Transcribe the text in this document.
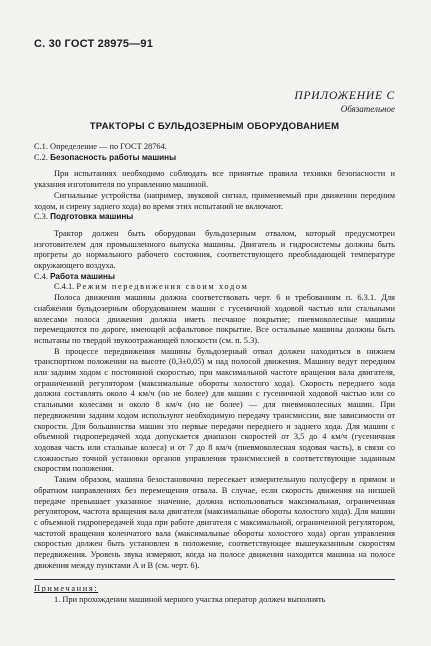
С. 30 ГОСТ 28975—91
ПРИЛОЖЕНИЕ С
Обязательное
ТРАКТОРЫ С БУЛЬДОЗЕРНЫМ ОБОРУДОВАНИЕМ

С.1. Определение — по ГОСТ 28764.

С.2. Безопасность работы машины

При испытаниях необходимо соблюдать все принятые правила техники безопасности и указания изготовителя по управлению машиной.

Сигнальные устройства (например, звуковой сигнал, применяемый при движении передним ходом, и сирену заднего хода) во время этих испытаний не включают.

С.3. Подготовка машины

Трактор должен быть оборудован бульдозерным отвалом, который предусмотрен изготовителем для промышленного выпуска машины. Двигатель и гидросистемы должны быть прогреты до нормального рабочего состояния, соответствующего преобладающей температуре окружающего воздуха.

С.4. Работа машины

С.4.1. Режим передвижения своим ходом

Полоса движения машины должна соответствовать черт. 6 и требованиям п. 6.3.1. Для снабжения бульдозерным оборудованием машин с гусеничной ходовой частью или стальными колесами полоса движения должна иметь песчаное покрытие; пневмоколесные машины перемещаются по дороге, имеющей асфальтовое покрытие. Все остальные машины должны быть испытаны по твердой звукоотражающей плоскости (см. п. 5.3).

В процессе передвижения машины бульдозерный отвал должен находиться в нижнем транспортном положении на высоте (0,3±0,05) м над полосой движения. Машину ведут передним или задним ходом с постоянной скоростью, при максимальной частоте вращения вала двигателя, ограниченной регулятором (максимальные обороты холостого хода). Скорость переднего хода должна составлять около 4 км/ч (но не более) для машин с гусеничной ходовой частью или со стальными колесами и около 8 км/ч (но не более) — для пневмоколесных машин. При передвижении задним ходом используют необходимую передачу трансмиссии, вне зависимости от скорости. Для большинства машин это первые передачи переднего и заднего хода. Для машин с объемной гидропередачей хода допускается диапазон скоростей от 3,5 до 4 км/ч (гусеничная ходовая часть или стальные колеса) и от 7 до 8 км/ч (пневмоколесная ходовая часть), в связи со сложностью точной установки органов управления трансмиссией в соответствующие заданным скоростям положения.

Таким образом, машина безостановочно пересекает измерительную полусферу в прямом и обратном направлениях без перемещения отвала. В случае, если скорость движения на низшей передаче превышает указанное значение, должна использоваться максимальная, ограниченная регулятором, частота вращения вала двигателя (максимальные обороты холостого хода). Для машин с объемной гидропередачей хода при работе двигателя с максимальной, ограниченной регулятором, частотой вращения коленчатого вала (максимальные обороты холостого хода) орган управления скоростью должен быть установлен в положение, соответствующее вышеуказанным скоростям передвижения. Уровень звука измеряют, когда на полосе движения находится машина на полосе движения между пунктами А и В (см. черт. 6).

Примечания:

1. При прохождении машиной мерного участка оператор должен выполнять
